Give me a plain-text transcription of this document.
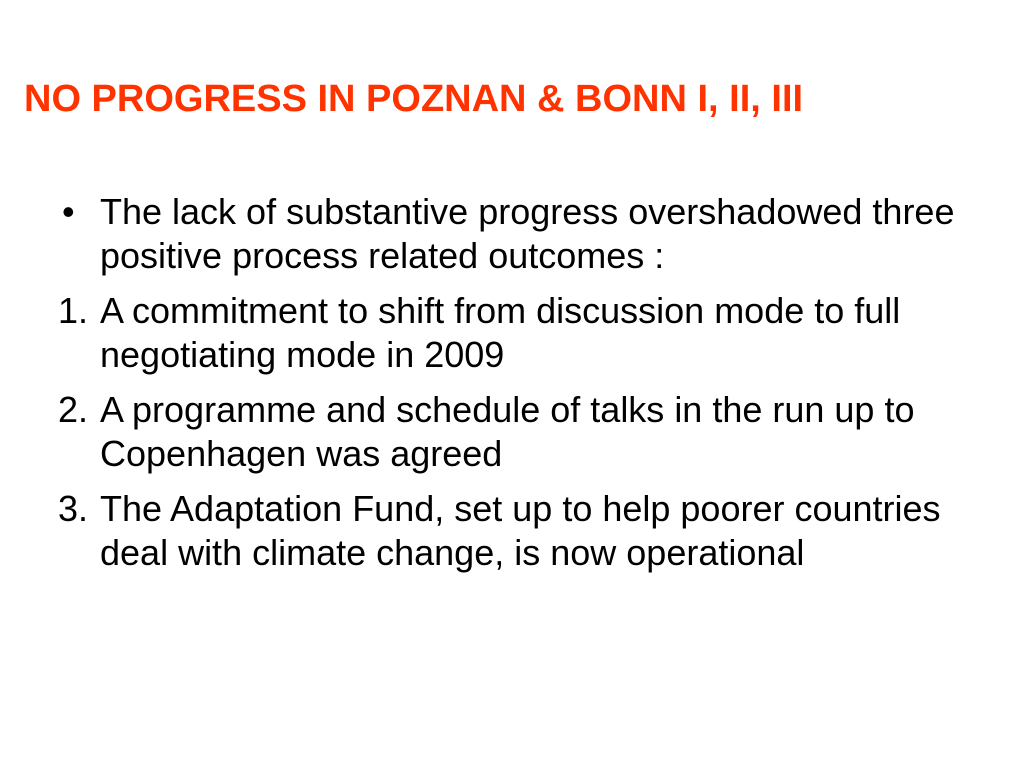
NO PROGRESS IN POZNAN & BONN I, II, III
• The lack of substantive progress overshadowed three positive process related outcomes :
1. A commitment to shift from discussion mode to full negotiating mode in 2009
2. A programme and schedule of talks in the run up to Copenhagen was agreed
3. The Adaptation Fund, set up to help poorer countries deal with climate change, is now operational
